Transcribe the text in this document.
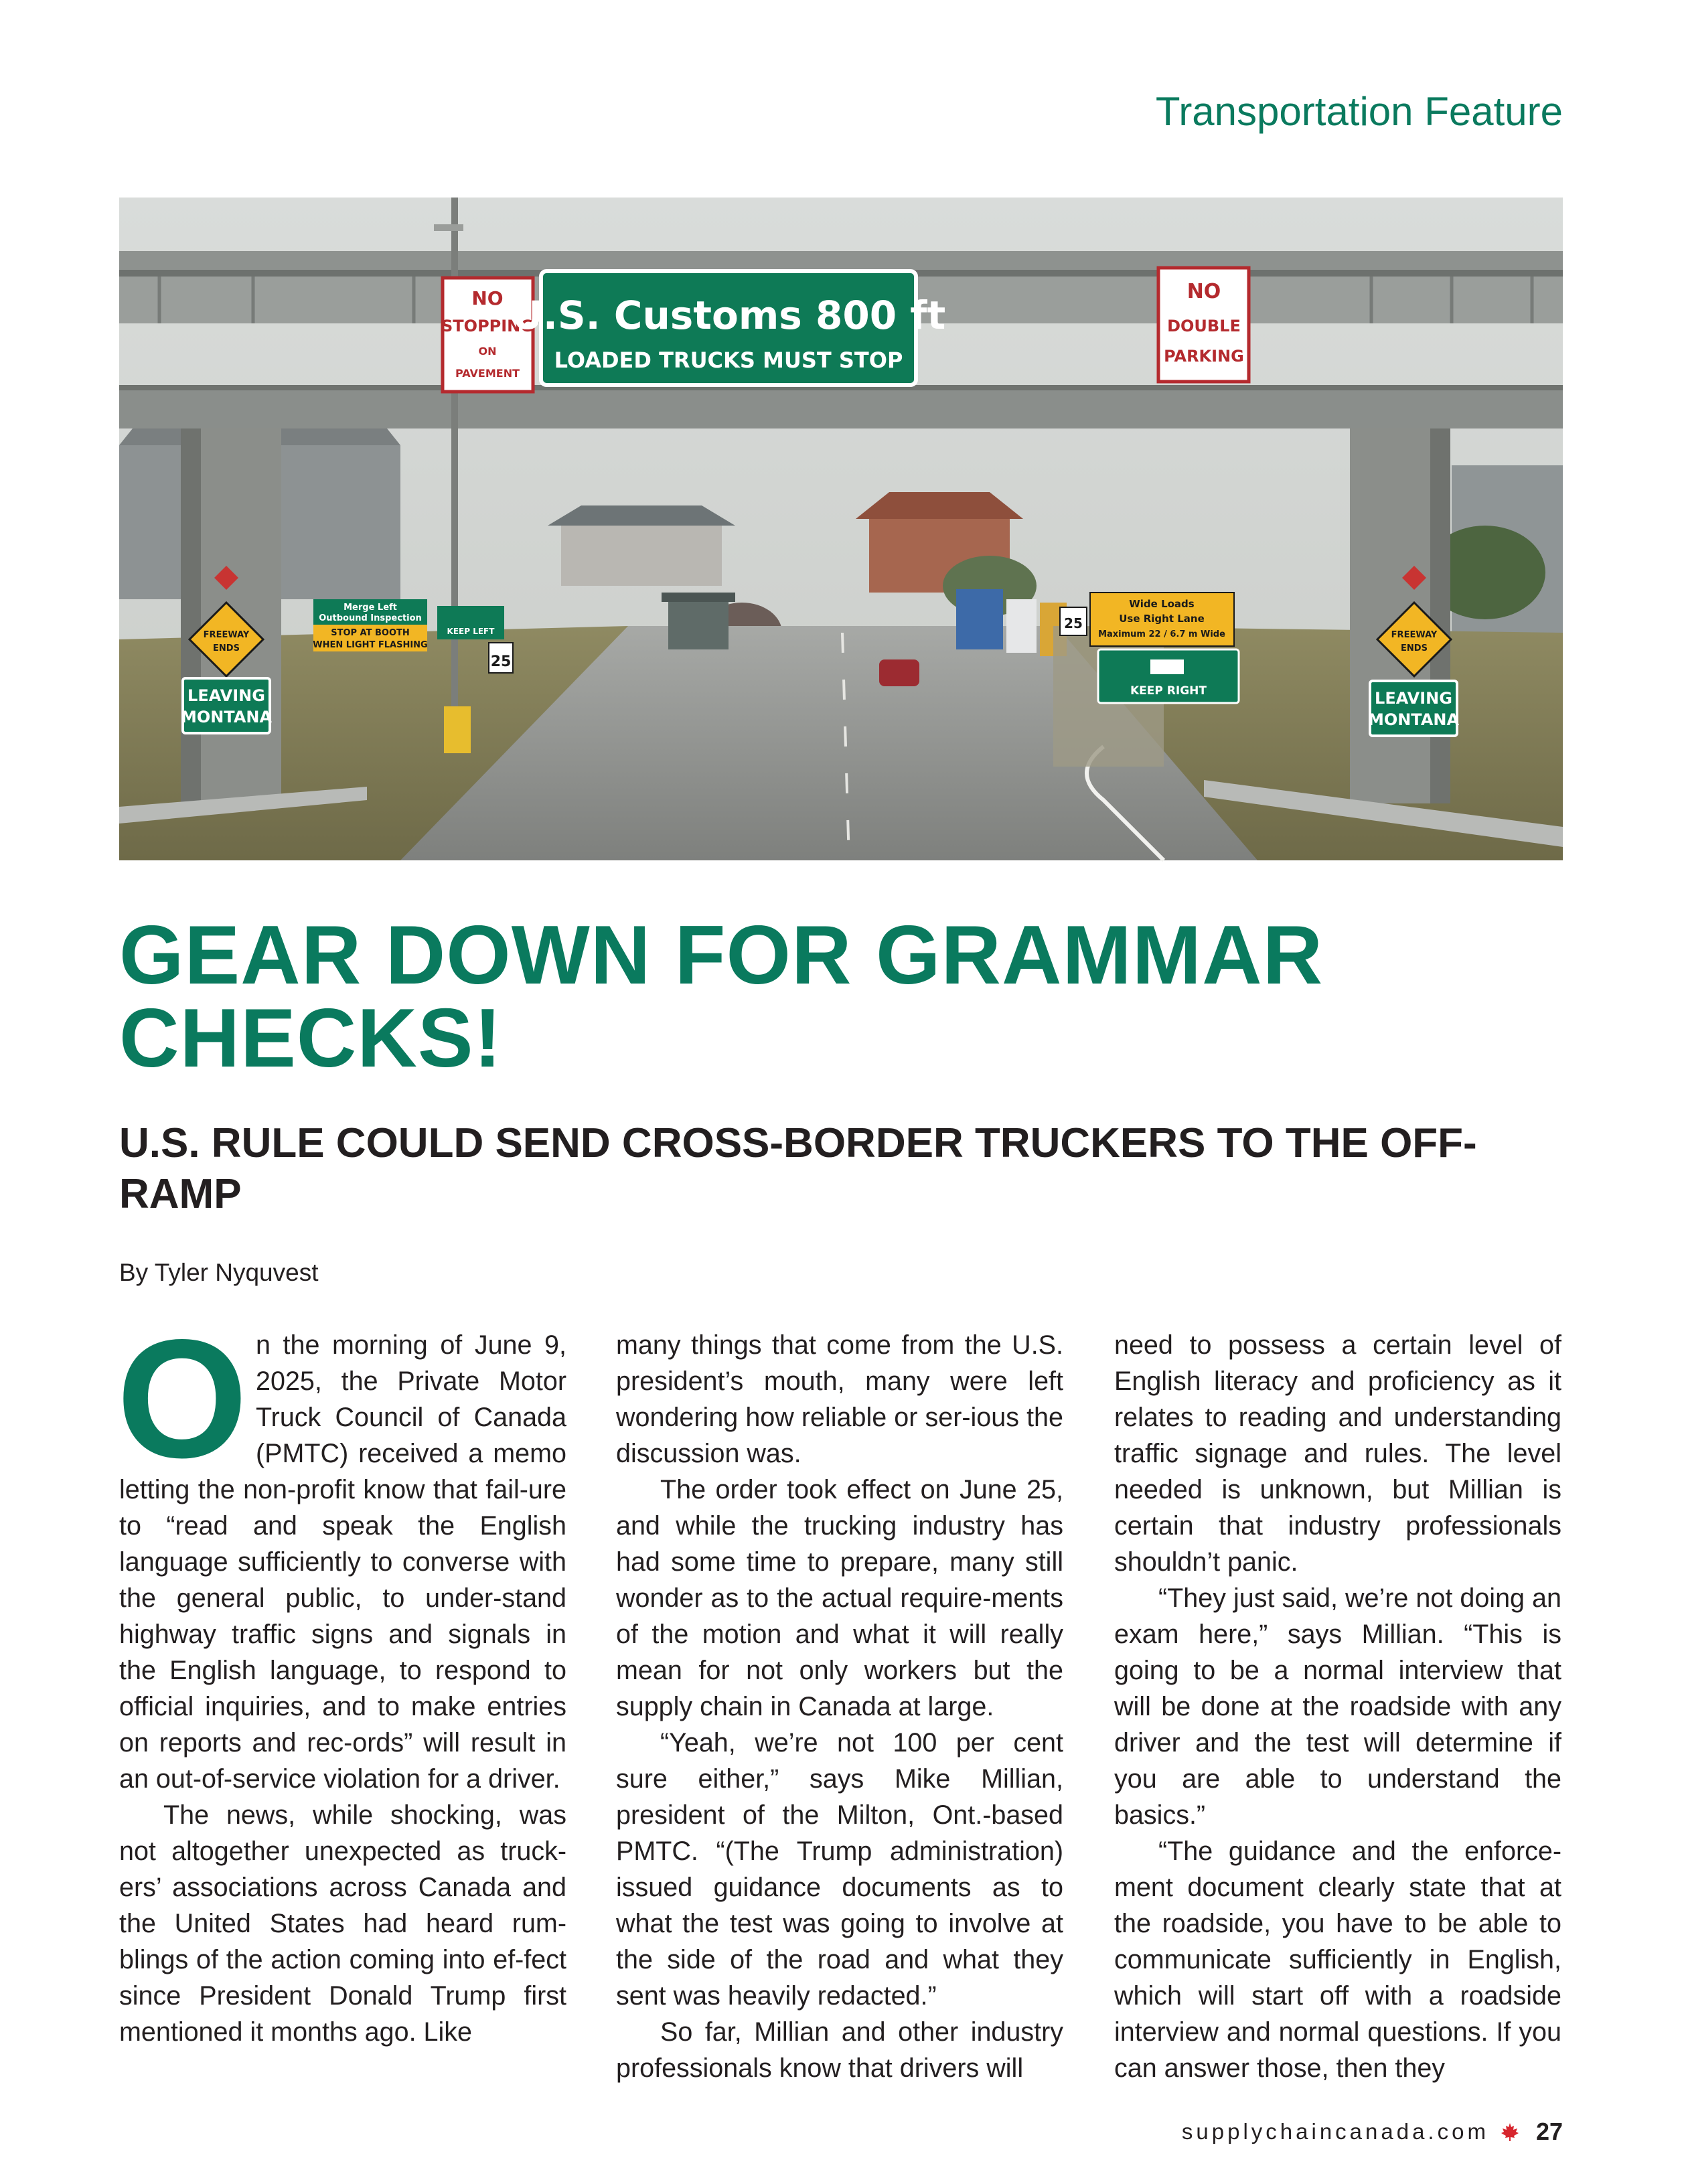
Transportation Feature
NO
STOPPING
ON
PAVEMENT
U.S. Customs 800 ft
LOADED TRUCKS MUST STOP
NO
DOUBLE
PARKING
FREEWAY
ENDS
FREEWAY
ENDS
LEAVING
MONTANA
LEAVING
MONTANA
Merge Left
Outbound Inspection
STOP AT BOOTH
WHEN LIGHT FLASHING
KEEP LEFT
25
Wide Loads
Use Right Lane
Maximum 22 / 6.7 m Wide
KEEP RIGHT
25
© Brian Kenney / shutterstock.com
GEAR DOWN FOR GRAMMAR CHECKS!
U.S. RULE COULD SEND CROSS-BORDER TRUCKERS TO THE OFF-RAMP
By Tyler Nyquvest

On the morning of June 9, 2025, the Private Motor Truck Council of Canada (PMTC) received a memo letting the non-profit know that fail-ure to “read and speak the English language sufficiently to converse with the general public, to under-stand highway traffic signs and signals in the English language, to respond to official inquiries, and to make entries on reports and rec-ords” will result in an out-of-service violation for a driver.

The news, while shocking, was not altogether unexpected as truck-ers’ associations across Canada and the United States had heard rum-blings of the action coming into ef-fect since President Donald Trump first mentioned it months ago. Like

many things that come from the U.S. president’s mouth, many were left wondering how reliable or ser-ious the discussion was.

The order took effect on June 25, and while the trucking industry has had some time to prepare, many still wonder as to the actual require-ments of the motion and what it will really mean for not only workers but the supply chain in Canada at large.

“Yeah, we’re not 100 per cent sure either,” says Mike Millian, president of the Milton, Ont.-based PMTC. “(The Trump administration) issued guidance documents as to what the test was going to involve at the side of the road and what they sent was heavily redacted.”

So far, Millian and other industry professionals know that drivers will

need to possess a certain level of English literacy and proficiency as it relates to reading and understanding traffic signage and rules. The level needed is unknown, but Millian is certain that industry professionals shouldn’t panic.

“They just said, we’re not doing an exam here,” says Millian. “This is going to be a normal interview that will be done at the roadside with any driver and the test will determine if you are able to understand the basics.”

“The guidance and the enforce-ment document clearly state that at the roadside, you have to be able to communicate sufficiently in English, which will start off with a roadside interview and normal questions. If you can answer those, then they

supplychaincanada.com 27
